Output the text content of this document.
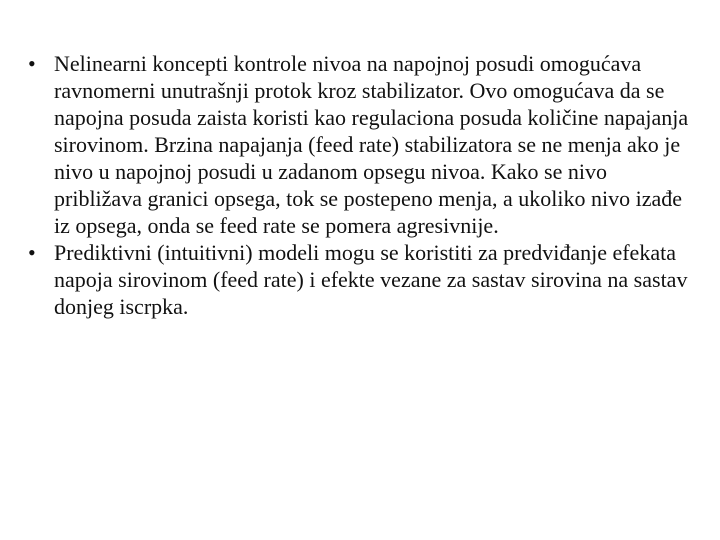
• Nelinearni koncepti kontrole nivoa na napojnoj posudi omogućava ravnomerni unutrašnji protok kroz stabilizator. Ovo omogućava da se napojna posuda zaista koristi kao regulaciona posuda količine napajanja sirovinom. Brzina napajanja (feed rate) stabilizatora se ne menja ako je nivo u napojnoj posudi u zadanom opsegu nivoa. Kako se nivo približava granici opsega, tok se postepeno menja, a ukoliko nivo izađe iz opsega, onda se feed rate se pomera agresivnije.

• Prediktivni (intuitivni) modeli mogu se koristiti za predviđanje efekata napoja sirovinom (feed rate) i efekte vezane za sastav sirovina na sastav donjeg iscrpka.
